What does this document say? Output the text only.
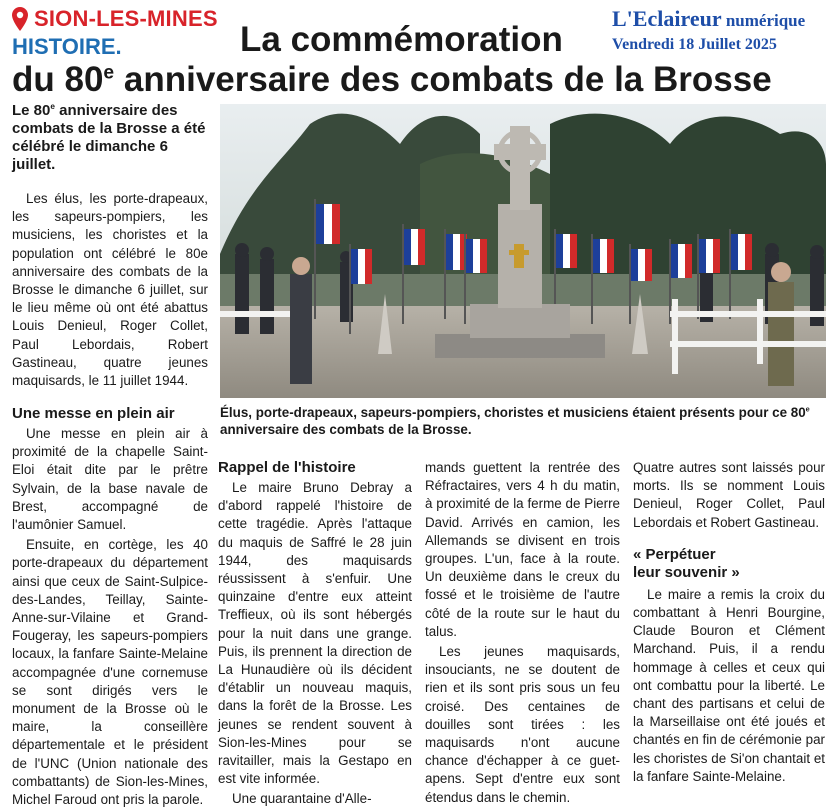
SION-LES-MINES
HISTOIRE.
L'Eclaireur numérique
Vendredi 18 Juillet 2025
La commémoration
du 80e anniversaire des combats de la Brosse
Le 80e anniversaire des combats de la Brosse a été célébré le dimanche 6 juillet.

Les élus, les porte-drapeaux, les sapeurs-pompiers, les musiciens, les choristes et la population ont célébré le 80e anniversaire des combats de la Brosse le dimanche 6 juillet, sur le lieu même où ont été abattus Louis Denieul, Roger Collet, Paul Lebordais, Robert Gastineau, quatre jeunes maquisards, le 11 juillet 1944.

Une messe en plein air

Une messe en plein air à proximité de la chapelle Saint-Eloi était dite par le prêtre Sylvain, de la base navale de Brest, accompagné de l'aumônier Samuel.

Ensuite, en cortège, les 40 porte-drapeaux du département ainsi que ceux de Saint-Sulpice-des-Landes, Teillay, Sainte-Anne-sur-Vilaine et Grand-Fougeray, les sapeurs-pompiers locaux, la fanfare Sainte-Melaine accompagnée d'une cornemuse se sont dirigés vers le monument de la Brosse où le maire, la conseillère départementale et le président de l'UNC (Union nationale des combattants) de Sion-les-Mines, Michel Faroud ont pris la parole.

Élus, porte-drapeaux, sapeurs-pompiers, choristes et musiciens étaient présents pour ce 80e anniversaire des combats de la Brosse.
Rappel de l'histoire

Le maire Bruno Debray a d'abord rappelé l'histoire de cette tragédie. Après l'attaque du maquis de Saffré le 28 juin 1944, des maquisards réussissent à s'enfuir. Une quinzaine d'entre eux atteint Treffieux, où ils sont hébergés pour la nuit dans une grange. Puis, ils prennent la direction de La Hunaudière où ils décident d'établir un nouveau maquis, dans la forêt de la Brosse. Les jeunes se rendent souvent à Sion-les-Mines pour se ravitailler, mais la Gestapo en est vite informée.

Une quarantaine d'Alle-

mands guettent la rentrée des Réfractaires, vers 4 h du matin, à proximité de la ferme de Pierre David. Arrivés en camion, les Allemands se divisent en trois groupes. L'un, face à la route. Un deuxième dans le creux du fossé et le troisième de l'autre côté de la route sur le haut du talus.

Les jeunes maquisards, insouciants, ne se doutent de rien et ils sont pris sous un feu croisé. Des centaines de douilles sont tirées : les maquisards n'ont aucune chance d'échapper à ce guet-apens. Sept d'entre eux sont étendus dans le chemin.

Quatre autres sont laissés pour morts. Ils se nomment Louis Denieul, Roger Collet, Paul Lebordais et Robert Gastineau.

« Perpétuer
leur souvenir »

Le maire a remis la croix du combattant à Henri Bourgine, Claude Bouron et Clément Marchand. Puis, il a rendu hommage à celles et ceux qui ont combattu pour la liberté. Le chant des partisans et celui de la Marseillaise ont été joués et chantés en fin de cérémonie par les choristes de Si'on chantait et la fanfare Sainte-Melaine.
